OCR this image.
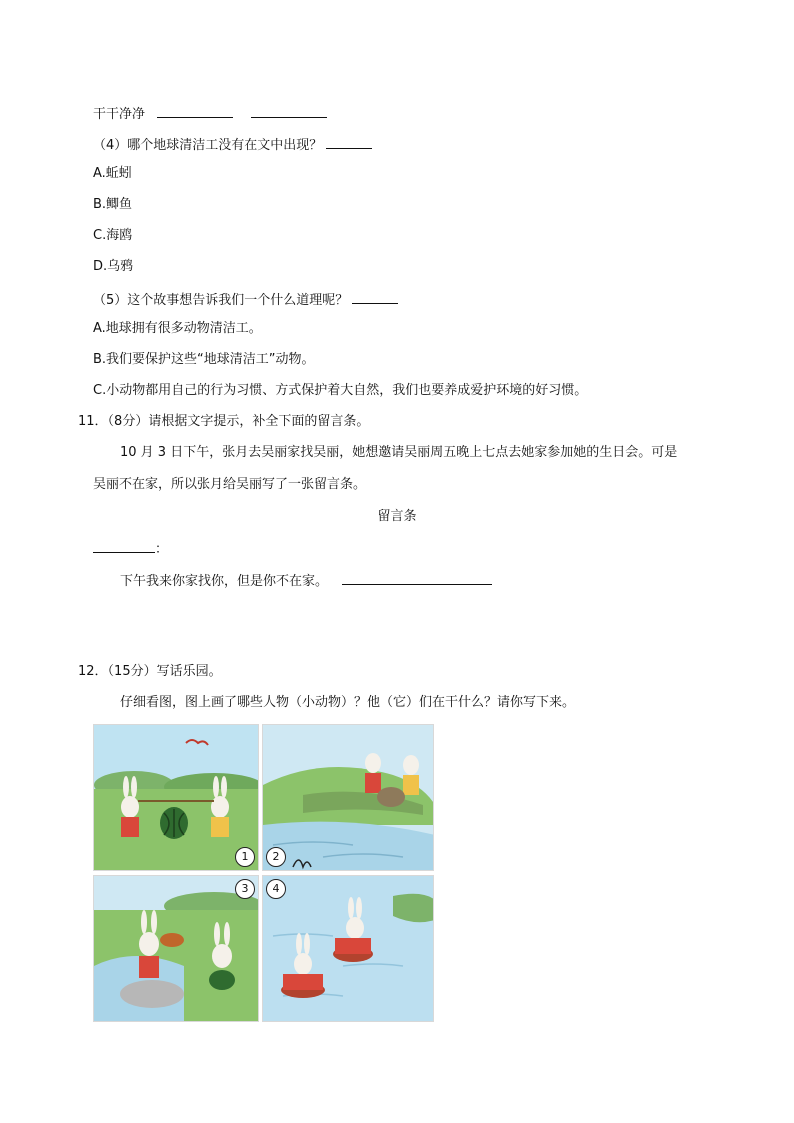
干干净净
（4）哪个地球清洁工没有在文中出现？
A.蚯蚓
B.鲫鱼
C.海鸥
D.乌鸦
（5）这个故事想告诉我们一个什么道理呢？
A.地球拥有很多动物清洁工。
B.我们要保护这些“地球清洁工”动物。
C.小动物都用自己的行为习惯、方式保护着大自然，我们也要养成爱护环境的好习惯。
11．（8分）请根据文字提示，补全下面的留言条。
10 月 3 日下午，张月去吴丽家找吴丽，她想邀请吴丽周五晚上七点去她家参加她的生日会。可是
吴丽不在家，所以张月给吴丽写了一张留言条。
留言条
：
下午我来你家找你，但是你不在家。
12．（15分）写话乐园。
仔细看图，图上画了哪些人物（小动物）？他（它）们在干什么？请你写下来。
1	2
3	4
